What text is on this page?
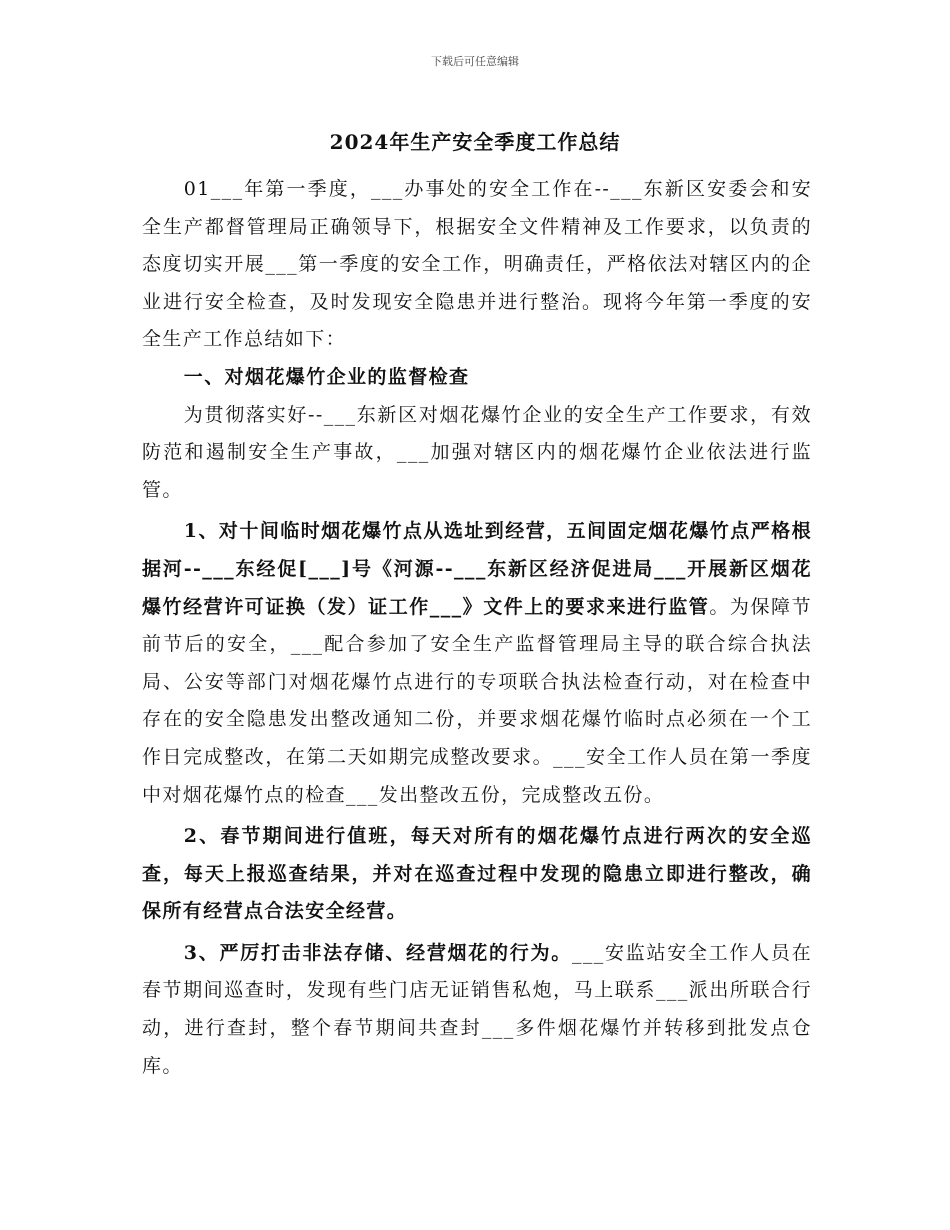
下载后可任意编辑
2024年生产安全季度工作总结

01___年第一季度，___办事处的安全工作在--___东新区安委会和安全生产都督管理局正确领导下，根据安全文件精神及工作要求，以负责的态度切实开展___第一季度的安全工作，明确责任，严格依法对辖区内的企业进行安全检查，及时发现安全隐患并进行整治。现将今年第一季度的安全生产工作总结如下：

一、对烟花爆竹企业的监督检查

为贯彻落实好--___东新区对烟花爆竹企业的安全生产工作要求，有效防范和遏制安全生产事故，___加强对辖区内的烟花爆竹企业依法进行监管。

1、对十间临时烟花爆竹点从选址到经营，五间固定烟花爆竹点严格根据河--___东经促[___]号《河源--___东新区经济促进局___开展新区烟花爆竹经营许可证换（发）证工作___》文件上的要求来进行监管。为保障节前节后的安全，___配合参加了安全生产监督管理局主导的联合综合执法局、公安等部门对烟花爆竹点进行的专项联合执法检查行动，对在检查中存在的安全隐患发出整改通知二份，并要求烟花爆竹临时点必须在一个工作日完成整改，在第二天如期完成整改要求。___安全工作人员在第一季度中对烟花爆竹点的检查___发出整改五份，完成整改五份。

2、春节期间进行值班，每天对所有的烟花爆竹点进行两次的安全巡查，每天上报巡查结果，并对在巡查过程中发现的隐患立即进行整改，确保所有经营点合法安全经营。

3、严厉打击非法存储、经营烟花的行为。___安监站安全工作人员在春节期间巡查时，发现有些门店无证销售私炮，马上联系___派出所联合行动，进行查封，整个春节期间共查封___多件烟花爆竹并转移到批发点仓库。
